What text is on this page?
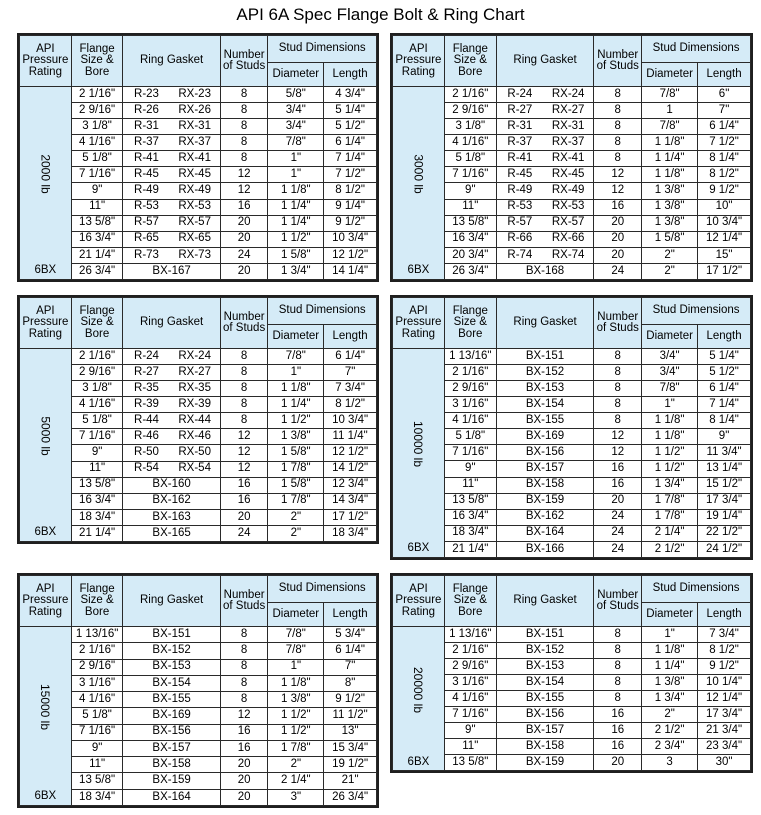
API 6A Spec Flange Bolt & Ring Chart
API
Pressure
Rating	Flange
Size &
Bore	Ring Gasket		Number
of Studs	Stud Dimensions	
					Diameter	Length
2000 lb	2 1/16"	R-23	RX-23	8	5/8"	4 3/4"
	2 9/16"	R-26	RX-26	8	3/4"	5 1/4"
	3 1/8"	R-31	RX-31	8	3/4"	5 1/2"
	4 1/16"	R-37	RX-37	8	7/8"	6 1/4"
	5 1/8"	R-41	RX-41	8	1"	7 1/4"
	7 1/16"	R-45	RX-45	12	1"	7 1/2"
	9"	R-49	RX-49	12	1 1/8"	8 1/2"
	11"	R-53	RX-53	16	1 1/4"	9 1/4"
	13 5/8"	R-57	RX-57	20	1 1/4"	9 1/2"
	16 3/4"	R-65	RX-65	20	1 1/2"	10 3/4"
	21 1/4"	R-73	RX-73	24	1 5/8"	12 1/2"
6BX	26 3/4"	BX-167		20	1 3/4"	14 1/4"
API
Pressure
Rating	Flange
Size &
Bore	Ring Gasket		Number
of Studs	Stud Dimensions	
					Diameter	Length
3000 lb	2 1/16"	R-24	RX-24	8	7/8"	6"
	2 9/16"	R-27	RX-27	8	1	7"
	3 1/8"	R-31	RX-31	8	7/8"	6 1/4"
	4 1/16"	R-37	RX-37	8	1 1/8"	7 1/2"
	5 1/8"	R-41	RX-41	8	1 1/4"	8 1/4"
	7 1/16"	R-45	RX-45	12	1 1/8"	8 1/2"
	9"	R-49	RX-49	12	1 3/8"	9 1/2"
	11"	R-53	RX-53	16	1 3/8"	10"
	13 5/8"	R-57	RX-57	20	1 3/8"	10 3/4"
	16 3/4"	R-66	RX-66	20	1 5/8"	12 1/4"
	20 3/4"	R-74	RX-74	20	2"	15"
6BX	26 3/4"	BX-168		24	2"	17 1/2"
API
Pressure
Rating	Flange
Size &
Bore	Ring Gasket		Number
of Studs	Stud Dimensions	
					Diameter	Length
5000 lb	2 1/16"	R-24	RX-24	8	7/8"	6 1/4"
	2 9/16"	R-27	RX-27	8	1"	7"
	3 1/8"	R-35	RX-35	8	1 1/8"	7 3/4"
	4 1/16"	R-39	RX-39	8	1 1/4"	8 1/2"
	5 1/8"	R-44	RX-44	8	1 1/2"	10 3/4"
	7 1/16"	R-46	RX-46	12	1 3/8"	11 1/4"
	9"	R-50	RX-50	12	1 5/8"	12 1/2"
	11"	R-54	RX-54	12	1 7/8"	14 1/2"
	13 5/8"	BX-160		16	1 5/8"	12 3/4"
	16 3/4"	BX-162		16	1 7/8"	14 3/4"
	18 3/4"	BX-163		20	2"	17 1/2"
6BX	21 1/4"	BX-165		24	2"	18 3/4"
API
Pressure
Rating	Flange
Size &
Bore	Ring Gasket	Number
of Studs	Stud Dimensions	
				Diameter	Length
10000 lb	1 13/16"	BX-151	8	3/4"	5 1/4"
	2 1/16"	BX-152	8	3/4"	5 1/2"
	2 9/16"	BX-153	8	7/8"	6 1/4"
	3 1/16"	BX-154	8	1"	7 1/4"
	4 1/16"	BX-155	8	1 1/8"	8 1/4"
	5 1/8"	BX-169	12	1 1/8"	9"
	7 1/16"	BX-156	12	1 1/2"	11 3/4"
	9"	BX-157	16	1 1/2"	13 1/4"
	11"	BX-158	16	1 3/4"	15 1/2"
	13 5/8"	BX-159	20	1 7/8"	17 3/4"
	16 3/4"	BX-162	24	1 7/8"	19 1/4"
	18 3/4"	BX-164	24	2 1/4"	22 1/2"
6BX	21 1/4"	BX-166	24	2 1/2"	24 1/2"
API
Pressure
Rating	Flange
Size &
Bore	Ring Gasket	Number
of Studs	Stud Dimensions	
				Diameter	Length
15000 lb	1 13/16"	BX-151	8	7/8"	5 3/4"
	2 1/16"	BX-152	8	7/8"	6 1/4"
	2 9/16"	BX-153	8	1"	7"
	3 1/16"	BX-154	8	1 1/8"	8"
	4 1/16"	BX-155	8	1 3/8"	9 1/2"
	5 1/8"	BX-169	12	1 1/2"	11 1/2"
	7 1/16"	BX-156	16	1 1/2"	13"
	9"	BX-157	16	1 7/8"	15 3/4"
	11"	BX-158	20	2"	19 1/2"
	13 5/8"	BX-159	20	2 1/4"	21"
6BX	18 3/4"	BX-164	20	3"	26 3/4"
API
Pressure
Rating	Flange
Size &
Bore	Ring Gasket	Number
of Studs	Stud Dimensions	
				Diameter	Length
20000 lb	1 13/16"	BX-151	8	1"	7 3/4"
	2 1/16"	BX-152	8	1 1/8"	8 1/2"
	2 9/16"	BX-153	8	1 1/4"	9 1/2"
	3 1/16"	BX-154	8	1 3/8"	10 1/4"
	4 1/16"	BX-155	8	1 3/4"	12 1/4"
	7 1/16"	BX-156	16	2"	17 3/4"
	9"	BX-157	16	2 1/2"	21 3/4"
	11"	BX-158	16	2 3/4"	23 3/4"
6BX	13 5/8"	BX-159	20	3	30"
